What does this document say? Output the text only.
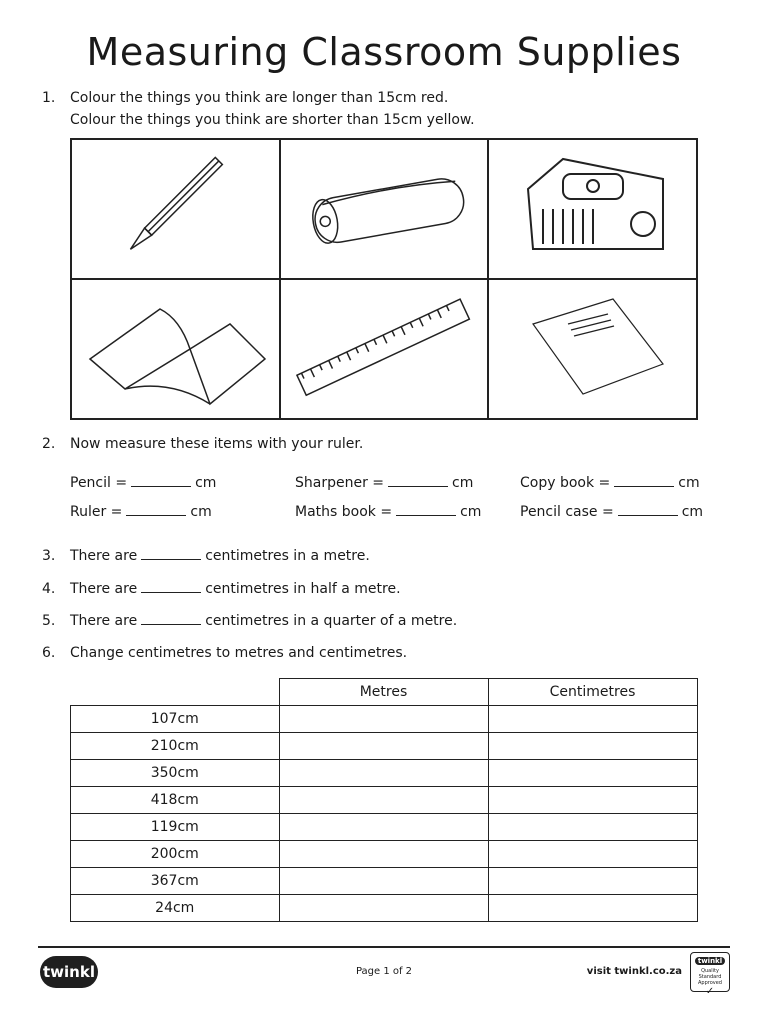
Measuring Classroom Supplies
1. Colour the things you think are longer than 15cm red.
Colour the things you think are shorter than 15cm yellow.
2. Now measure these items with your ruler.
Pencil =	cm	Sharpener =	cm	Copy book =	cm
Ruler =	cm	Maths book =	cm	Pencil case =	cm
3. There are	centimetres in a metre.
4. There are	centimetres in half a metre.
5. There are	centimetres in a quarter of a metre.
6. Change centimetres to metres and centimetres.
	Metres	Centimetres
107cm		
210cm		
350cm		
418cm		
119cm		
200cm		
367cm		
24cm		
twinkl	Page 1 of 2	visit twinkl.co.za
twinkl
Quality Standard Approved
✓
